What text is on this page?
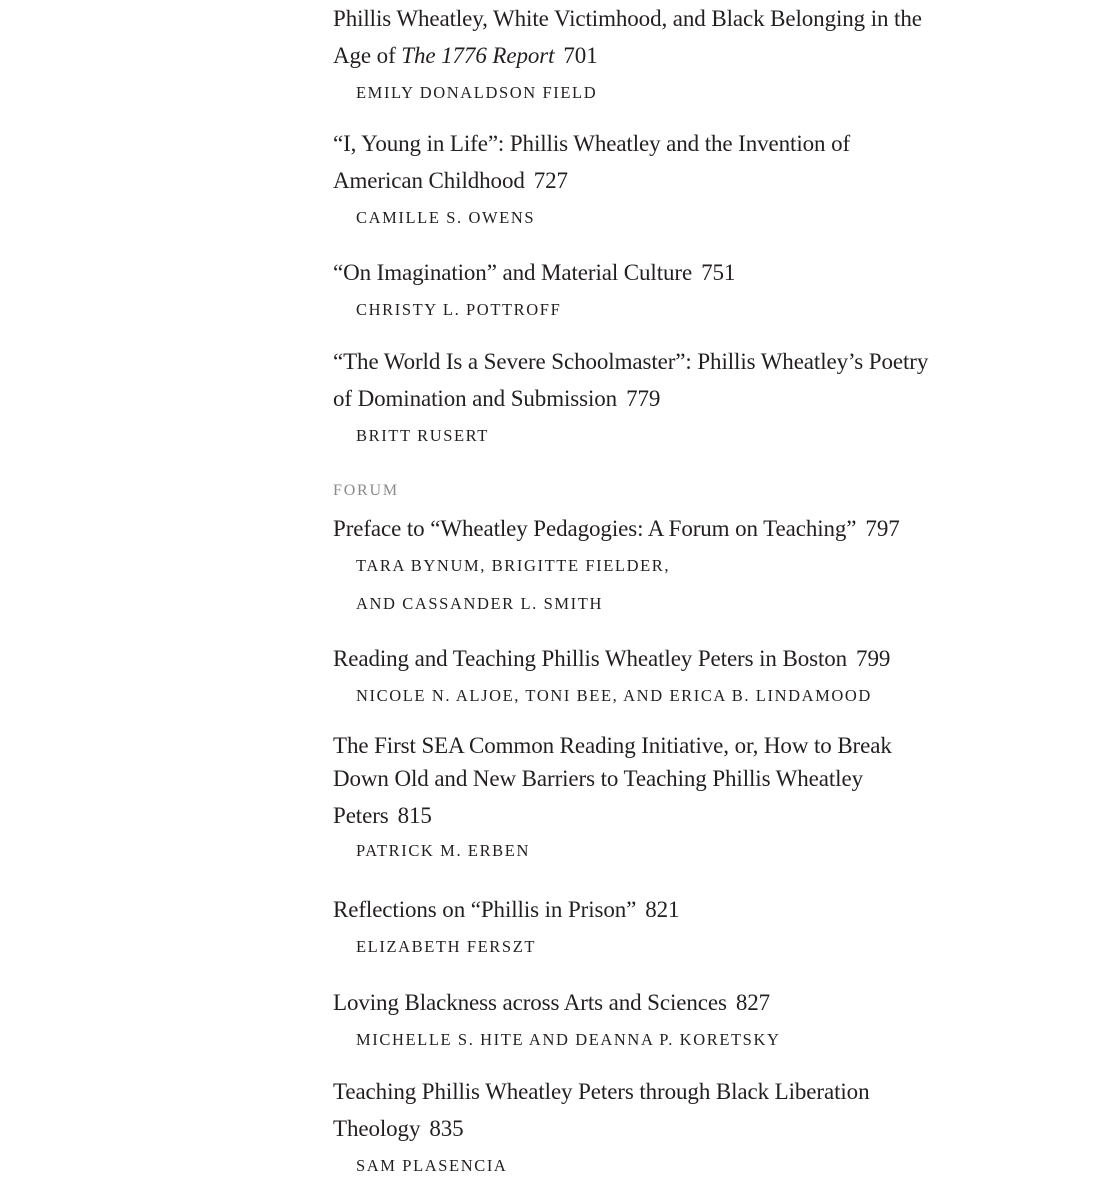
Phillis Wheatley, White Victimhood, and Black Belonging in the
Age of The 1776 Report 701

EMILY DONALDSON FIELD

“I, Young in Life”: Phillis Wheatley and the Invention of
American Childhood 727

CAMILLE S. OWENS

“On Imagination” and Material Culture 751

CHRISTY L. POTTROFF

“The World Is a Severe Schoolmaster”: Phillis Wheatley’s Poetry
of Domination and Submission 779

BRITT RUSERT

FORUM

Preface to “Wheatley Pedagogies: A Forum on Teaching” 797

TARA BYNUM, BRIGITTE FIELDER,

AND CASSANDER L. SMITH

Reading and Teaching Phillis Wheatley Peters in Boston 799

NICOLE N. ALJOE, TONI BEE, AND ERICA B. LINDAMOOD

The First SEA Common Reading Initiative, or, How to Break
Down Old and New Barriers to Teaching Phillis Wheatley
Peters 815

PATRICK M. ERBEN

Reflections on “Phillis in Prison” 821

ELIZABETH FERSZT

Loving Blackness across Arts and Sciences 827

MICHELLE S. HITE AND DEANNA P. KORETSKY

Teaching Phillis Wheatley Peters through Black Liberation
Theology 835

SAM PLASENCIA
